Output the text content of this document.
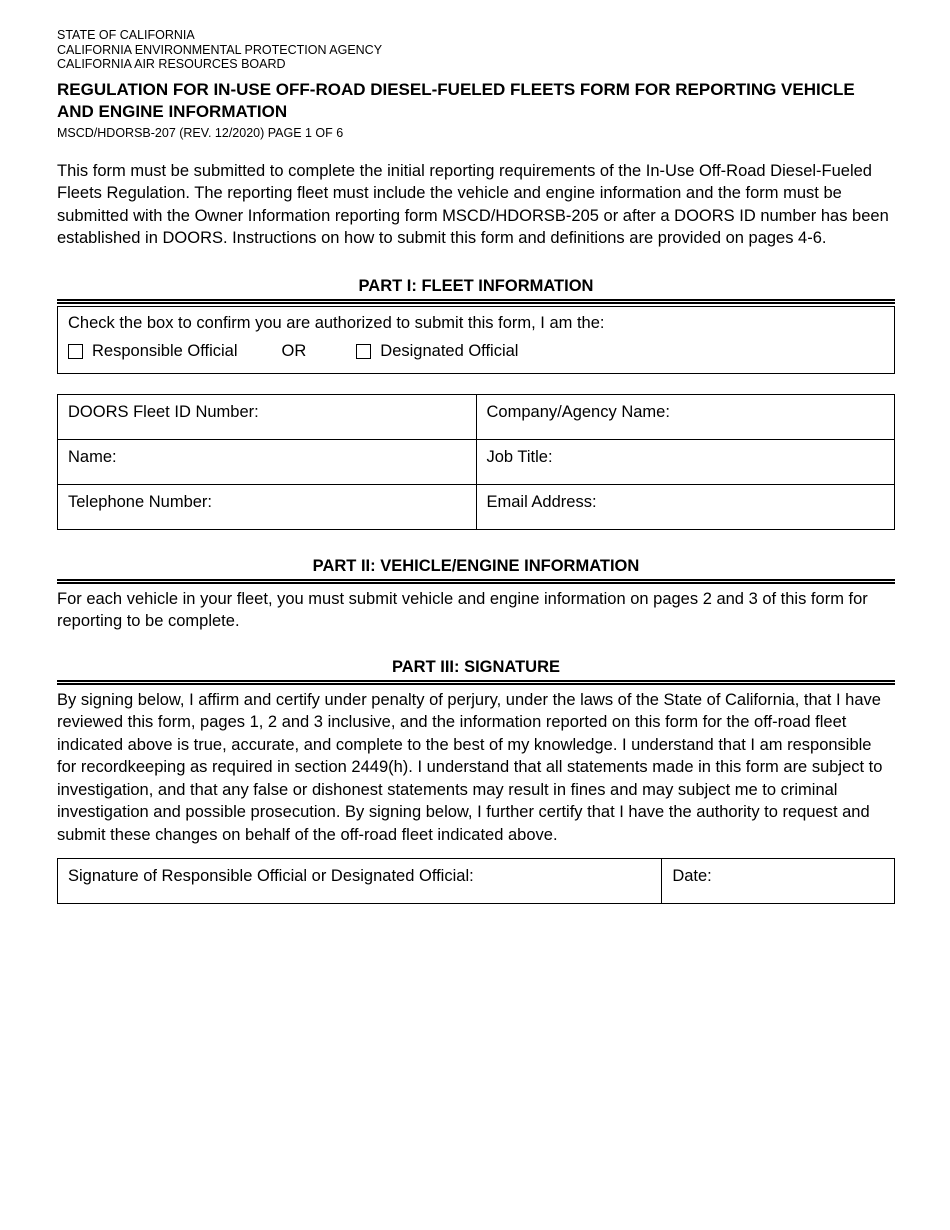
STATE OF CALIFORNIA
CALIFORNIA ENVIRONMENTAL PROTECTION AGENCY
CALIFORNIA AIR RESOURCES BOARD
REGULATION FOR IN-USE OFF-ROAD DIESEL-FUELED FLEETS FORM FOR REPORTING VEHICLE AND ENGINE INFORMATION
MSCD/HDORSB-207 (REV. 12/2020) PAGE 1 OF 6
This form must be submitted to complete the initial reporting requirements of the In-Use Off-Road Diesel-Fueled Fleets Regulation. The reporting fleet must include the vehicle and engine information and the form must be submitted with the Owner Information reporting form MSCD/HDORSB-205 or after a DOORS ID number has been established in DOORS. Instructions on how to submit this form and definitions are provided on pages 4-6.
PART I: FLEET INFORMATION
Check the box to confirm you are authorized to submit this form, I am the:
Responsible Official	OR	Designated Official
DOORS Fleet ID Number:	Company/Agency Name:
Name:	Job Title:
Telephone Number:	Email Address:
PART II: VEHICLE/ENGINE INFORMATION
For each vehicle in your fleet, you must submit vehicle and engine information on pages 2 and 3 of this form for reporting to be complete.
PART III: SIGNATURE
By signing below, I affirm and certify under penalty of perjury, under the laws of the State of California, that I have reviewed this form, pages 1, 2 and 3 inclusive, and the information reported on this form for the off-road fleet indicated above is true, accurate, and complete to the best of my knowledge. I understand that I am responsible for recordkeeping as required in section 2449(h). I understand that all statements made in this form are subject to investigation, and that any false or dishonest statements may result in fines and may subject me to criminal investigation and possible prosecution. By signing below, I further certify that I have the authority to request and submit these changes on behalf of the off-road fleet indicated above.
Signature of Responsible Official or Designated Official:	Date:
